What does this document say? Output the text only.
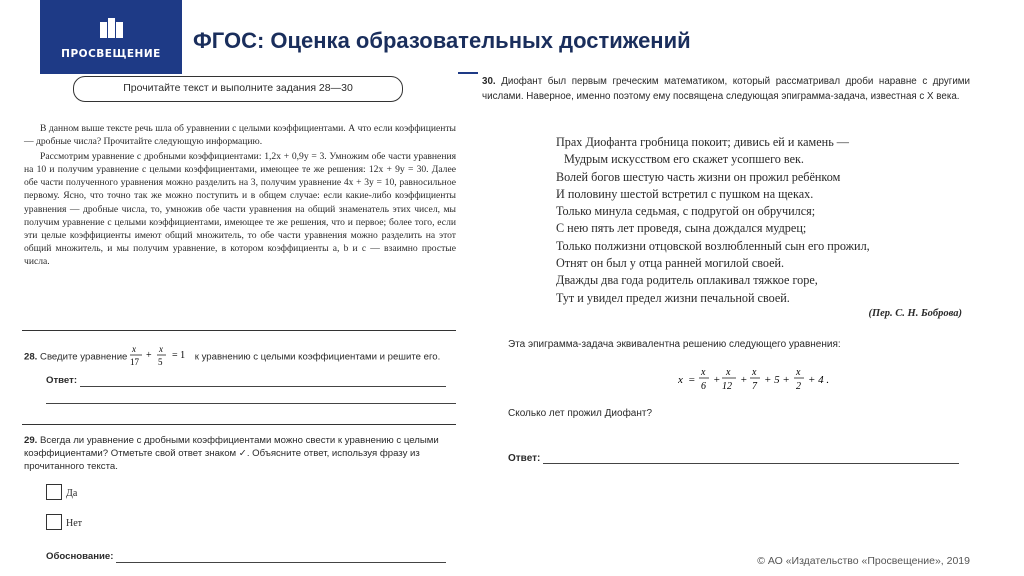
ПРОСВЕЩЕНИЕ
ФГОС: Оценка образовательных достижений
Прочитайте текст и выполните задания 28—30

В данном выше тексте речь шла об уравнении с целыми коэффициентами. А что если коэффициенты — дробные числа? Прочитайте следующую информацию.

Рассмотрим уравнение с дробными коэффициентами: 1,2x + 0,9y = 3. Умножим обе части уравнения на 10 и получим уравнение с целыми коэффициентами, имеющее те же решения: 12x + 9y = 30. Далее обе части полученного уравнения можно разделить на 3, получим уравнение 4x + 3y = 10, равносильное первому. Ясно, что точно так же можно поступить и в общем случае: если какие-либо коэффициенты уравнения — дробные числа, то, умножив обе части уравнения на общий знаменатель этих чисел, мы получим уравнение с целыми коэффициентами, имеющее те же решения, что и первое; более того, если эти целые коэффициенты имеют общий множитель, то обе части уравнения можно разделить на этот общий множитель, и мы получим уравнение, в котором коэффициенты a, b и c — взаимно простые числа.

28. Сведите уравнение
x
17
+
x
5
= 1 к уравнению с целыми коэффициентами и решите его.
Ответ:
29. Всегда ли уравнение с дробными коэффициентами можно свести к уравнению с целыми коэффициентами? Отметьте свой ответ знаком ✓. Объясните ответ, используя фразу из прочитанного текста.
Да
Нет
Обоснование:
30. Диофант был первым греческим математиком, который рассматривал дроби наравне с другими числами. Наверное, именно поэтому ему посвящена следующая эпиграмма-задача, известная с X века.
Прах Диофанта гробница покоит; дивись ей и камень —
Мудрым искусством его скажет усопшего век.
Волей богов шестую часть жизни он прожил ребёнком
И половину шестой встретил с пушком на щеках.
Только минула седьмая, с подругой он обручился;
С нею пять лет проведя, сына дождался мудрец;
Только полжизни отцовской возлюбленный сын его прожил,
Отнят он был у отца ранней могилой своей.
Дважды два года родитель оплакивал тяжкое горе,
Тут и увидел предел жизни печальной своей.
(Пер. С. Н. Боброва)
Эта эпиграмма-задача эквивалентна решению следующего уравнения:
x =
x
6
+
x
12
+
x
7
+ 5 +
x
2
+ 4 .
Сколько лет прожил Диофант?
Ответ:
© АО «Издательство «Просвещение», 2019
